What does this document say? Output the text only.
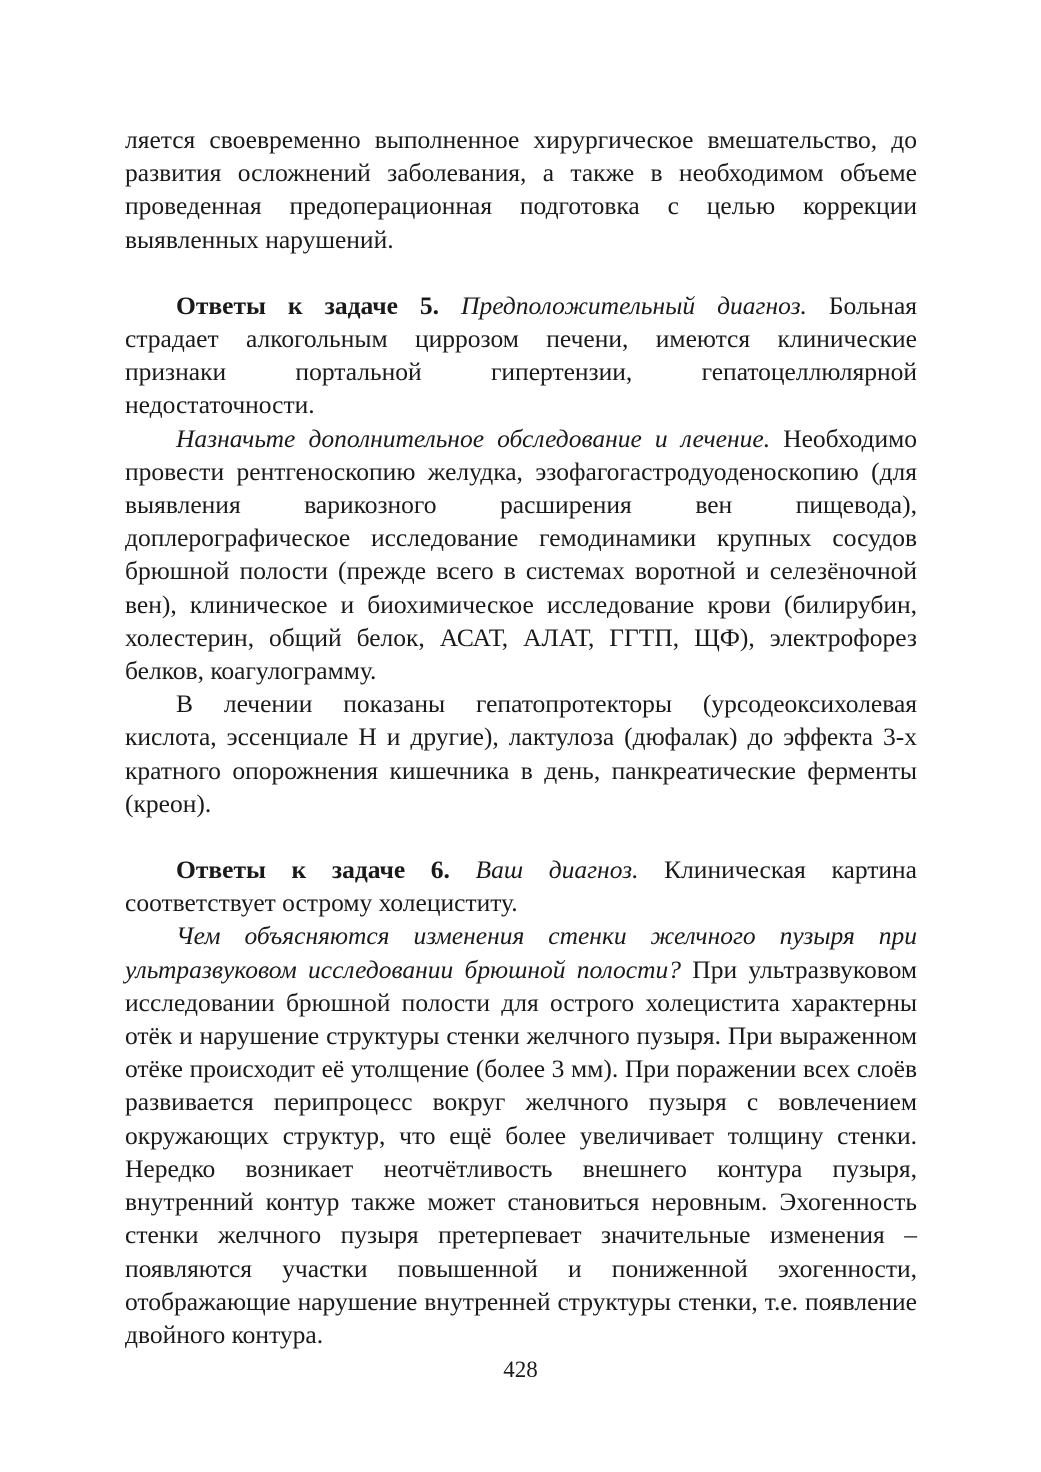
ляется своевременно выполненное хирургическое вмешательство, до развития осложнений заболевания, а также в необходимом объеме проведенная предоперационная подготовка с целью коррекции выявленных нарушений.

Ответы к задаче 5. Предположительный диагноз. Больная страдает алкогольным циррозом печени, имеются клинические признаки портальной гипертензии, гепатоцеллюлярной недостаточности.

Назначьте дополнительное обследование и лечение. Необходимо провести рентгеноскопию желудка, эзофагогастродуоденоскопию (для выявления варикозного расширения вен пищевода), доплерографическое исследование гемодинамики крупных сосудов брюшной полости (прежде всего в системах воротной и селезёночной вен), клиническое и биохимическое исследование крови (билирубин, холестерин, общий белок, АСАТ, АЛАТ, ГГТП, ЩФ), электрофорез белков, коагулограмму.

В лечении показаны гепатопротекторы (урсодеоксихолевая кислота, эссенциале Н и другие), лактулоза (дюфалак) до эффекта 3-х кратного опорожнения кишечника в день, панкреатические ферменты (креон).

Ответы к задаче 6. Ваш диагноз. Клиническая картина соответствует острому холециститу.

Чем объясняются изменения стенки желчного пузыря при ультразвуковом исследовании брюшной полости? При ультразвуковом исследовании брюшной полости для острого холецистита характерны отёк и нарушение структуры стенки желчного пузыря. При выраженном отёке происходит её утолщение (более 3 мм). При поражении всех слоёв развивается перипроцесс вокруг желчного пузыря с вовлечением окружающих структур, что ещё более увеличивает толщину стенки. Нередко возникает неотчётливость внешнего контура пузыря, внутренний контур также может становиться неровным. Эхогенность стенки желчного пузыря претерпевает значительные изменения – появляются участки повышенной и пониженной эхогенности, отображающие нарушение внутренней структуры стенки, т.е. появление двойного контура.

428
